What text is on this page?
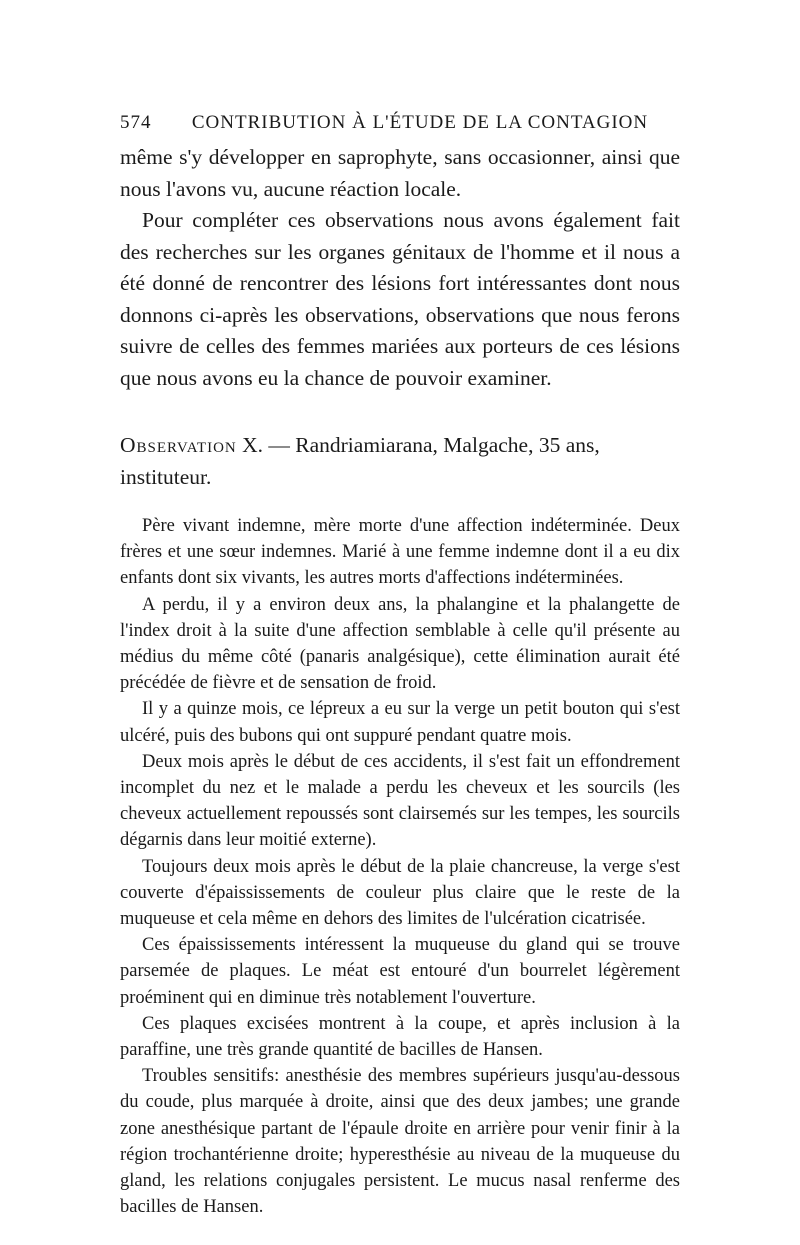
574	CONTRIBUTION À L'ÉTUDE DE LA CONTAGION

même s'y développer en saprophyte, sans occasionner, ainsi que nous l'avons vu, aucune réaction locale.

Pour compléter ces observations nous avons également fait des recherches sur les organes génitaux de l'homme et il nous a été donné de rencontrer des lésions fort intéressantes dont nous donnons ci-après les observations, observations que nous ferons suivre de celles des femmes mariées aux porteurs de ces lésions que nous avons eu la chance de pouvoir examiner.

Observation X. — Randriamiarana, Malgache, 35 ans, instituteur.

Père vivant indemne, mère morte d'une affection indéterminée. Deux frères et une sœur indemnes. Marié à une femme indemne dont il a eu dix enfants dont six vivants, les autres morts d'affections indéterminées.

A perdu, il y a environ deux ans, la phalangine et la phalangette de l'index droit à la suite d'une affection semblable à celle qu'il présente au médius du même côté (panaris analgésique), cette élimination aurait été précédée de fièvre et de sensation de froid.

Il y a quinze mois, ce lépreux a eu sur la verge un petit bouton qui s'est ulcéré, puis des bubons qui ont suppuré pendant quatre mois.

Deux mois après le début de ces accidents, il s'est fait un effondrement incomplet du nez et le malade a perdu les cheveux et les sourcils (les cheveux actuellement repoussés sont clairsemés sur les tempes, les sourcils dégarnis dans leur moitié externe).

Toujours deux mois après le début de la plaie chancreuse, la verge s'est couverte d'épaississements de couleur plus claire que le reste de la muqueuse et cela même en dehors des limites de l'ulcération cicatrisée.

Ces épaississements intéressent la muqueuse du gland qui se trouve parsemée de plaques. Le méat est entouré d'un bourrelet légèrement proéminent qui en diminue très notablement l'ouverture.

Ces plaques excisées montrent à la coupe, et après inclusion à la paraffine, une très grande quantité de bacilles de Hansen.

Troubles sensitifs: anesthésie des membres supérieurs jusqu'au-dessous du coude, plus marquée à droite, ainsi que des deux jambes; une grande zone anesthésique partant de l'épaule droite en arrière pour venir finir à la région trochantérienne droite; hyperesthésie au niveau de la muqueuse du gland, les relations conjugales persistent. Le mucus nasal renferme des bacilles de Hansen.
